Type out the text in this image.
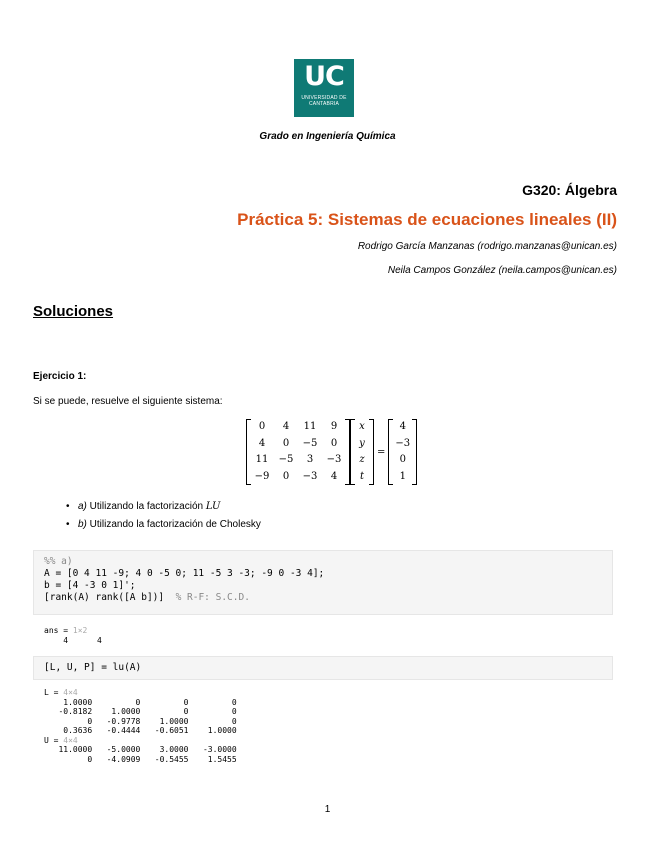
UC
UNIVERSIDAD DE CANTABRIA
Grado en Ingeniería Química
G320: Álgebra
Práctica 5: Sistemas de ecuaciones lineales (II)
Rodrigo García Manzanas (rodrigo.manzanas@unican.es)
Neila Campos González (neila.campos@unican.es)
Soluciones
Ejercicio 1:
Si se puede, resuelve el siguiente sistema:
0	4	11	9
4	0	−5	0
11	−5	3	−3
−9	0	−3	4
x
y
z
t
=
4
−3
0
1
• a) Utilizando la factorización LU
• b) Utilizando la factorización de Cholesky
%% a)
A = [0 4 11 -9; 4 0 -5 0; 11 -5 3 -3; -9 0 -3 4];
b = [4 -3 0 1]';
[rank(A) rank([A b])]  % R-F: S.C.D.
ans = 1×2
4      4
[L, U, P] = lu(A)
L = 4×4
1.0000         0         0         0
-0.8182    1.0000         0         0
0   -0.9778    1.0000         0
0.3636   -0.4444   -0.6051    1.0000
U = 4×4
11.0000   -5.0000    3.0000   -3.0000
0   -4.0909   -0.5455    1.5455
1
